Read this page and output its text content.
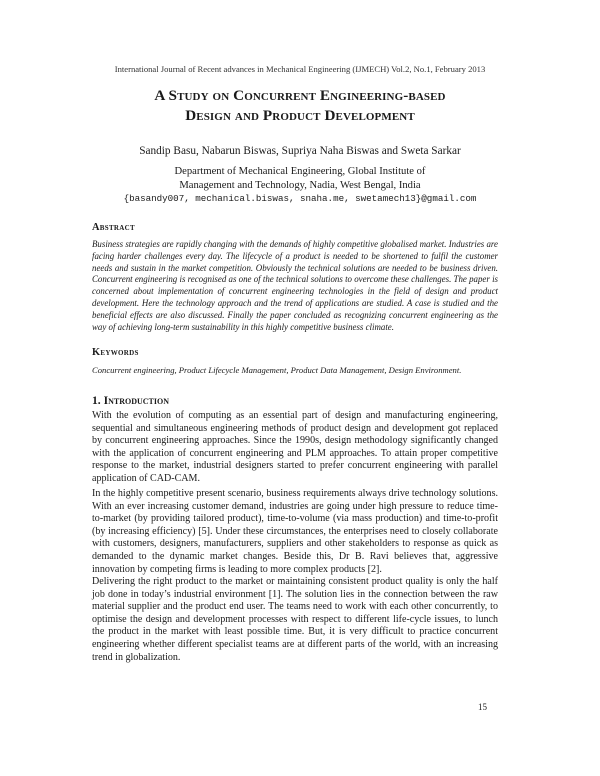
International Journal of Recent advances in Mechanical Engineering (IJMECH) Vol.2, No.1, February 2013
A Study on Concurrent Engineering-based
Design and Product Development
Sandip Basu, Nabarun Biswas, Supriya Naha Biswas and Sweta Sarkar
Department of Mechanical Engineering, Global Institute of Management and Technology, Nadia, West Bengal, India
{basandy007, mechanical.biswas, snaha.me, swetamech13}@gmail.com
Abstract
Business strategies are rapidly changing with the demands of highly competitive globalised market. Industries are facing harder challenges every day. The lifecycle of a product is needed to be shortened to fulfil the customer needs and sustain in the market competition. Obviously the technical solutions are needed to be business driven. Concurrent engineering is recognised as one of the technical solutions to overcome these challenges. The paper is concerned about implementation of concurrent engineering technologies in the field of design and product development. Here the technology approach and the trend of applications are studied. A case is studied and the beneficial effects are also discussed. Finally the paper concluded as recognizing concurrent engineering as the way of achieving long-term sustainability in this highly competitive business climate.
Keywords
Concurrent engineering, Product Lifecycle Management, Product Data Management, Design Environment.
1. Introduction
With the evolution of computing as an essential part of design and manufacturing engineering, sequential and simultaneous engineering methods of product design and development got replaced by concurrent engineering approaches. Since the 1990s, design methodology significantly changed with the application of concurrent engineering and PLM approaches. To attain proper competitive response to the market, industrial designers started to prefer concurrent engineering with parallel application of CAD-CAM.
In the highly competitive present scenario, business requirements always drive technology solutions. With an ever increasing customer demand, industries are going under high pressure to reduce time-to-market (by providing tailored product), time-to-volume (via mass production) and time-to-profit (by increasing efficiency) [5]. Under these circumstances, the enterprises need to closely collaborate with customers, designers, manufacturers, suppliers and other stakeholders to response as quick as demanded to the dynamic market changes. Beside this, Dr B. Ravi believes that, aggressive innovation by competing firms is leading to more complex products [2].
Delivering the right product to the market or maintaining consistent product quality is only the half job done in today’s industrial environment [1]. The solution lies in the connection between the raw material supplier and the product end user. The teams need to work with each other concurrently, to optimise the design and development processes with respect to different life-cycle issues, to lunch the product in the market with least possible time. But, it is very difficult to practice concurrent engineering whether different specialist teams are at different parts of the world, with an increasing trend in globalization.
15
